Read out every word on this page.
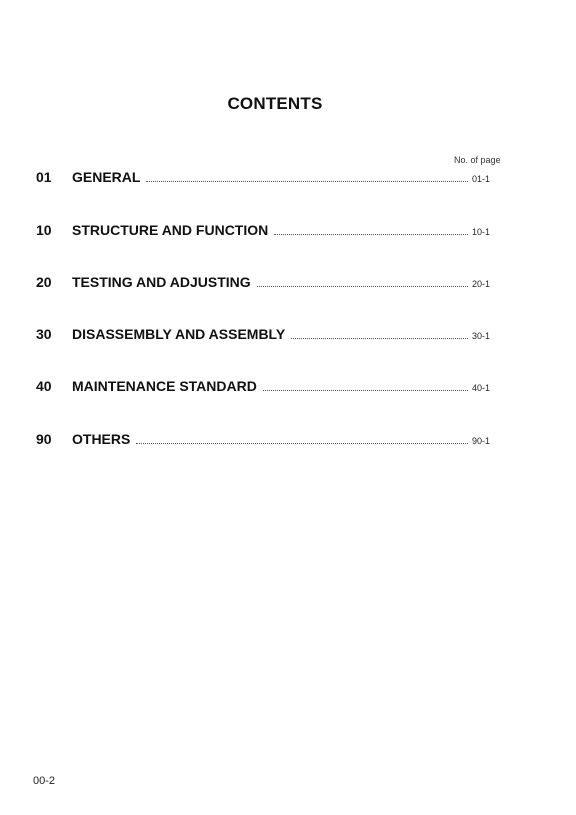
CONTENTS
No. of page
01	GENERAL	01-1
10	STRUCTURE AND FUNCTION	10-1
20	TESTING AND ADJUSTING	20-1
30	DISASSEMBLY AND ASSEMBLY	30-1
40	MAINTENANCE STANDARD	40-1
90	OTHERS	90-1
00-2
